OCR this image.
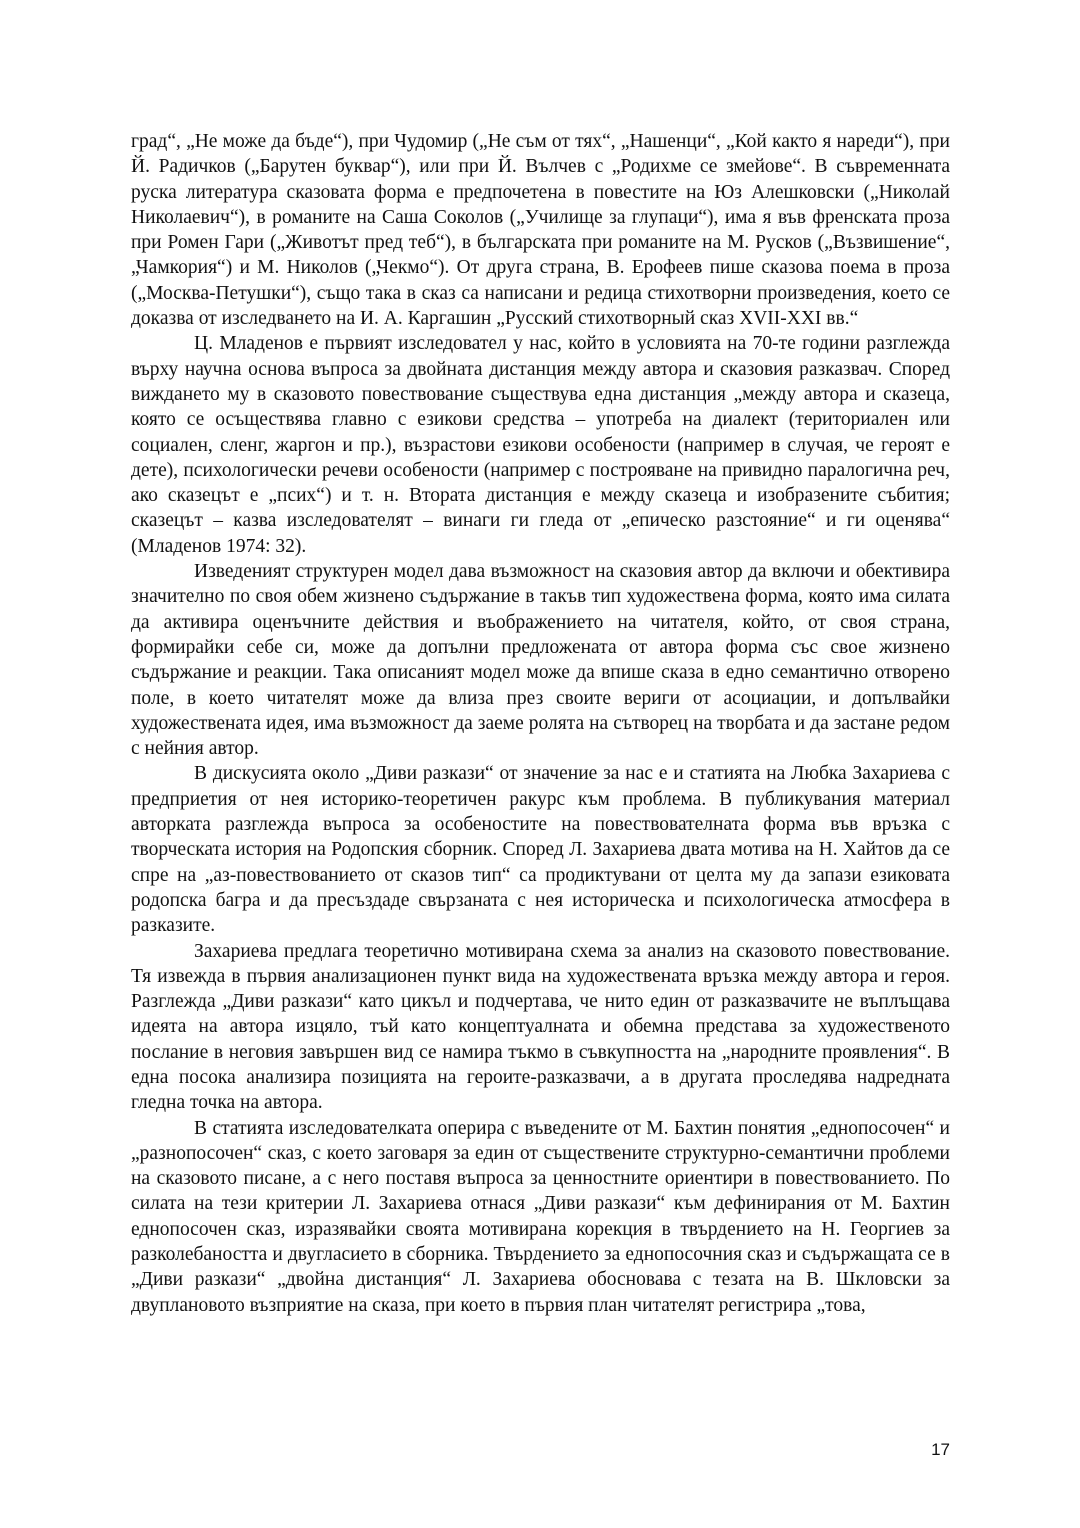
град“, „Не може да бъде“), при Чудомир („Не съм от тях“, „Нашенци“, „Кой както я нареди“), при Й. Радичков („Барутен буквар“), или при Й. Вълчев с „Родихме се змейове“. В съвременната руска литература сказовата форма е предпочетена в повестите на Юз Алешковски („Николай Николаевич“), в романите на Саша Соколов („Училище за глупаци“), има я във френската проза при Ромен Гари („Животът пред теб“), в българската при романите на М. Русков („Възвишение“, „Чамкория“) и М. Николов („Чекмо“). От друга страна, В. Ерофеев пише сказова поема в проза („Москва-Петушки“), също така в сказ са написани и редица стихотворни произведения, което се доказва от изследването на И. А. Каргашин „Русский стихотворный сказ XVII-XXI вв.“

Ц. Младенов е първият изследовател у нас, който в условията на 70-те години разглежда върху научна основа въпроса за двойната дистанция между автора и сказовия разказвач. Според виждането му в сказовото повествование съществува една дистанция „между автора и сказеца, която се осъществява главно с езикови средства – употреба на диалект (териториален или социален, сленг, жаргон и пр.), възрастови езикови особености (например в случая, че героят е дете), психологически речеви особености (например с построяване на привидно паралогична реч, ако сказецът е „псих“) и т. н. Втората дистанция е между сказеца и изобразените събития; сказецът – казва изследователят – винаги ги гледа от „епическо разстояние“ и ги оценява“ (Младенов 1974: 32).

Изведеният структурен модел дава възможност на сказовия автор да включи и обективира значително по своя обем жизнено съдържание в такъв тип художествена форма, която има силата да активира оценъчните действия и въображението на читателя, който, от своя страна, формирайки себе си, може да допълни предложената от автора форма със свое жизнено съдържание и реакции. Така описаният модел може да впише сказа в едно семантично отворено поле, в което читателят може да влиза през своите вериги от асоциации, и допълвайки художествената идея, има възможност да заеме ролята на сътворец на творбата и да застане редом с нейния автор.

В дискусията около „Диви разкази“ от значение за нас е и статията на Любка Захариева с предприетия от нея историко-теоретичен ракурс към проблема. В публикувания материал авторката разглежда въпроса за особеностите на повествователната форма във връзка с творческата история на Родопския сборник. Според Л. Захариева двата мотива на Н. Хайтов да се спре на „аз-повествованието от сказов тип“ са продиктувани от целта му да запази езиковата родопска багра и да пресъздаде свързаната с нея историческа и психологическа атмосфера в разказите.

Захариева предлага теоретично мотивирана схема за анализ на сказовото повествование. Тя извежда в първия анализационен пункт вида на художествената връзка между автора и героя. Разглежда „Диви разкази“ като цикъл и подчертава, че нито един от разказвачите не въплъщава идеята на автора изцяло, тъй като концептуалната и обемна представа за художественото послание в неговия завършен вид се намира тъкмо в съвкупността на „народните проявления“. В една посока анализира позицията на героите-разказвачи, а в другата проследява надредната гледна точка на автора.

В статията изследователката оперира с въведените от М. Бахтин понятия „еднопосочен“ и „разнопосочен“ сказ, с което заговаря за един от съществените структурно-семантични проблеми на сказовото писане, а с него поставя въпроса за ценностните ориентири в повествованието. По силата на тези критерии Л. Захариева отнася „Диви разкази“ към дефинирания от М. Бахтин еднопосочен сказ, изразявайки своята мотивирана корекция в твърдението на Н. Георгиев за разколебаността и двугласието в сборника. Твърдението за еднопосочния сказ и съдържащата се в „Диви разкази“ „двойна дистанция“ Л. Захариева обосновава с тезата на В. Шкловски за двуплановото възприятие на сказа, при което в първия план читателят регистрира „това,

17
